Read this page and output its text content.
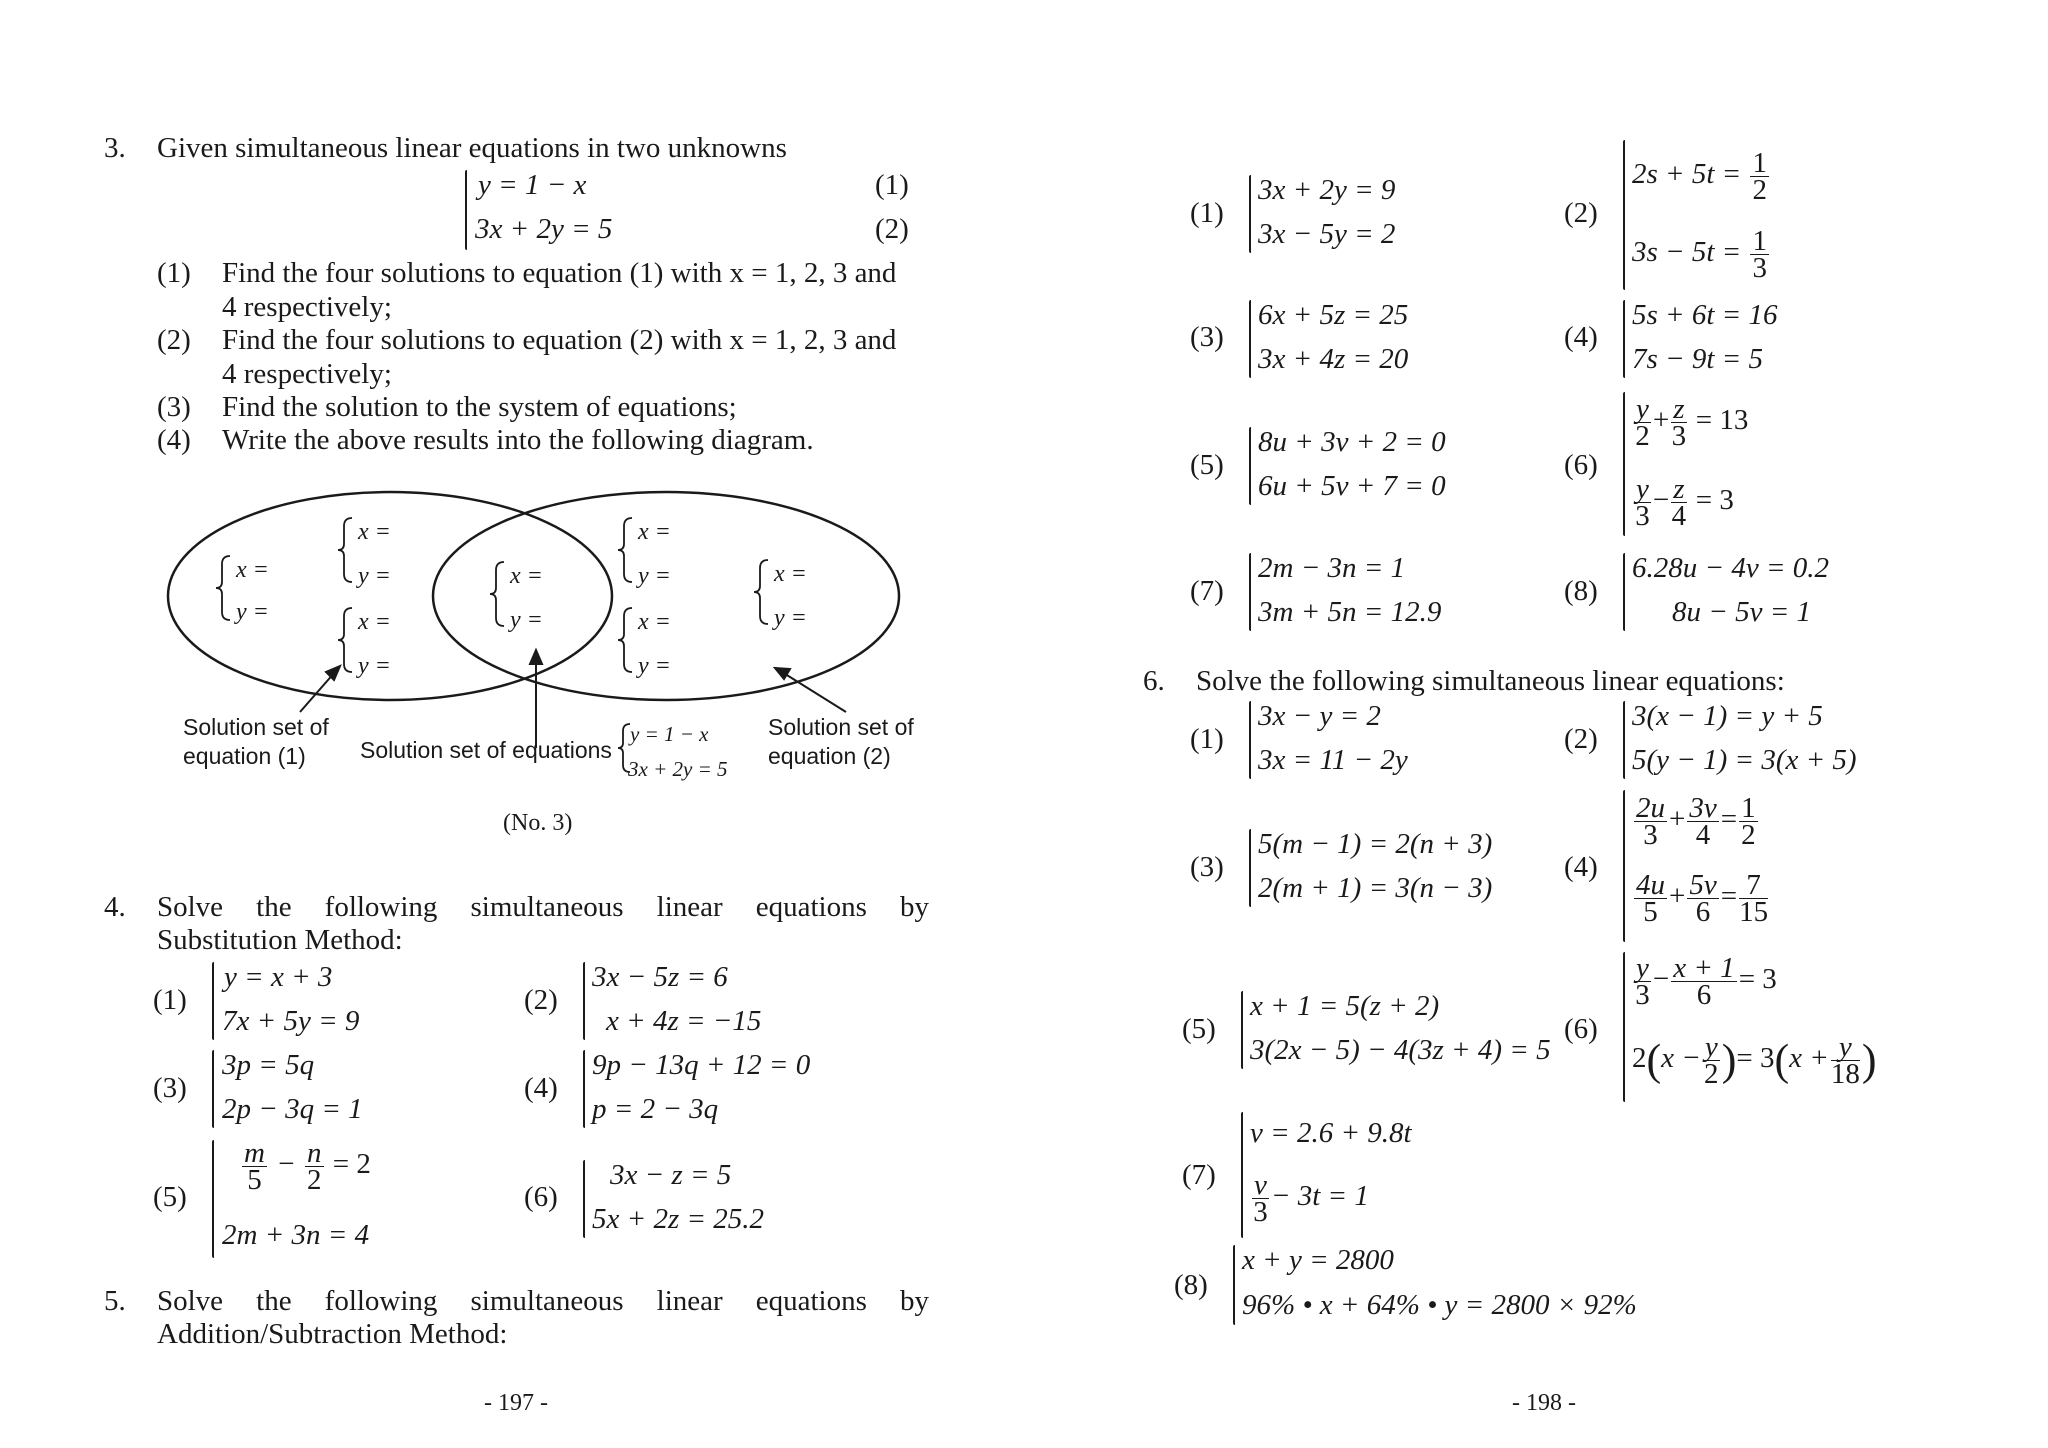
3. Given simultaneous linear equations in two unknowns
y = 1 − x
3x + 2y = 5
(1)
(2)
(1) Find the four solutions to equation (1) with x = 1, 2, 3 and
4 respectively;
(2) Find the four solutions to equation (2) with x = 1, 2, 3 and
4 respectively;
(3) Find the solution to the system of equations;
(4) Write the above results into the following diagram.
x =
y =
x =
y =
x =
y =
x =
y =
x =
y =
x =
y =
x =
y =
Solution set of
equation (1) Solution set of equations
y = 1 − x
3x + 2y = 5
Solution set of
equation (2)
(No. 3)
4. Solve the following simultaneous linear equations by
Substitution Method:
(1)
y = x + 3
7x + 5y = 9
(2)
3x − 5z = 6
x + 4z = −15
(3)
3p = 5q
2p − 3q = 1
(4)
9p − 13q + 12 = 0
p = 2 − 3q
(5)
$\frac{m}{5} - \frac{n}{2} = 2$
2m + 3n = 4
(6)
3x − z = 5
5x + 2z = 25.2
5. Solve the following simultaneous linear equations by
Addition/Subtraction Method:
- 197 -
(1)
3x + 2y = 9
3x − 5y = 2
(2)
$2s + 5t = \frac{1}{2}$
$3s - 5t = \frac{1}{3}$
(3)
6x + 5z = 25
3x + 4z = 20
(4)
5s + 6t = 16
7s − 9t = 5
(5)
8u + 3v + 2 = 0
6u + 5v + 7 = 0
(6)
$\frac{y}{2} + \frac{z}{3} = 13$
$\frac{y}{3} - \frac{z}{4} = 3$
(7)
2m − 3n = 1
3m + 5n = 12.9
(8)
6.28u − 4v = 0.2
8u − 5v = 1
6. Solve the following simultaneous linear equations:
(1)
3x − y = 2
3x = 11 − 2y
(2)
3(x − 1) = y + 5
5(y − 1) = 3(x + 5)
(3)
5(m − 1) = 2(n + 3)
2(m + 1) = 3(n − 3)
(4)
$\frac{2u}{3} + \frac{3v}{4} = \frac{1}{2}$
$\frac{4u}{5} + \frac{5v}{6} = \frac{7}{15}$
(5)
x + 1 = 5(z + 2)
3(2x − 5) − 4(3z + 4) = 5
(6)
$\frac{y}{3} - \frac{x + 1}{6} = 3$
$2(x - \frac{y}{2}$ )= $3(x + \frac{y}{18}$ )
(7)
v = 2.6 + 9.8t
$\frac{v}{3} - 3t = 1$
(8)
x + y = 2800
96% • x + 64% • y = 2800 × 92%
- 198 -
